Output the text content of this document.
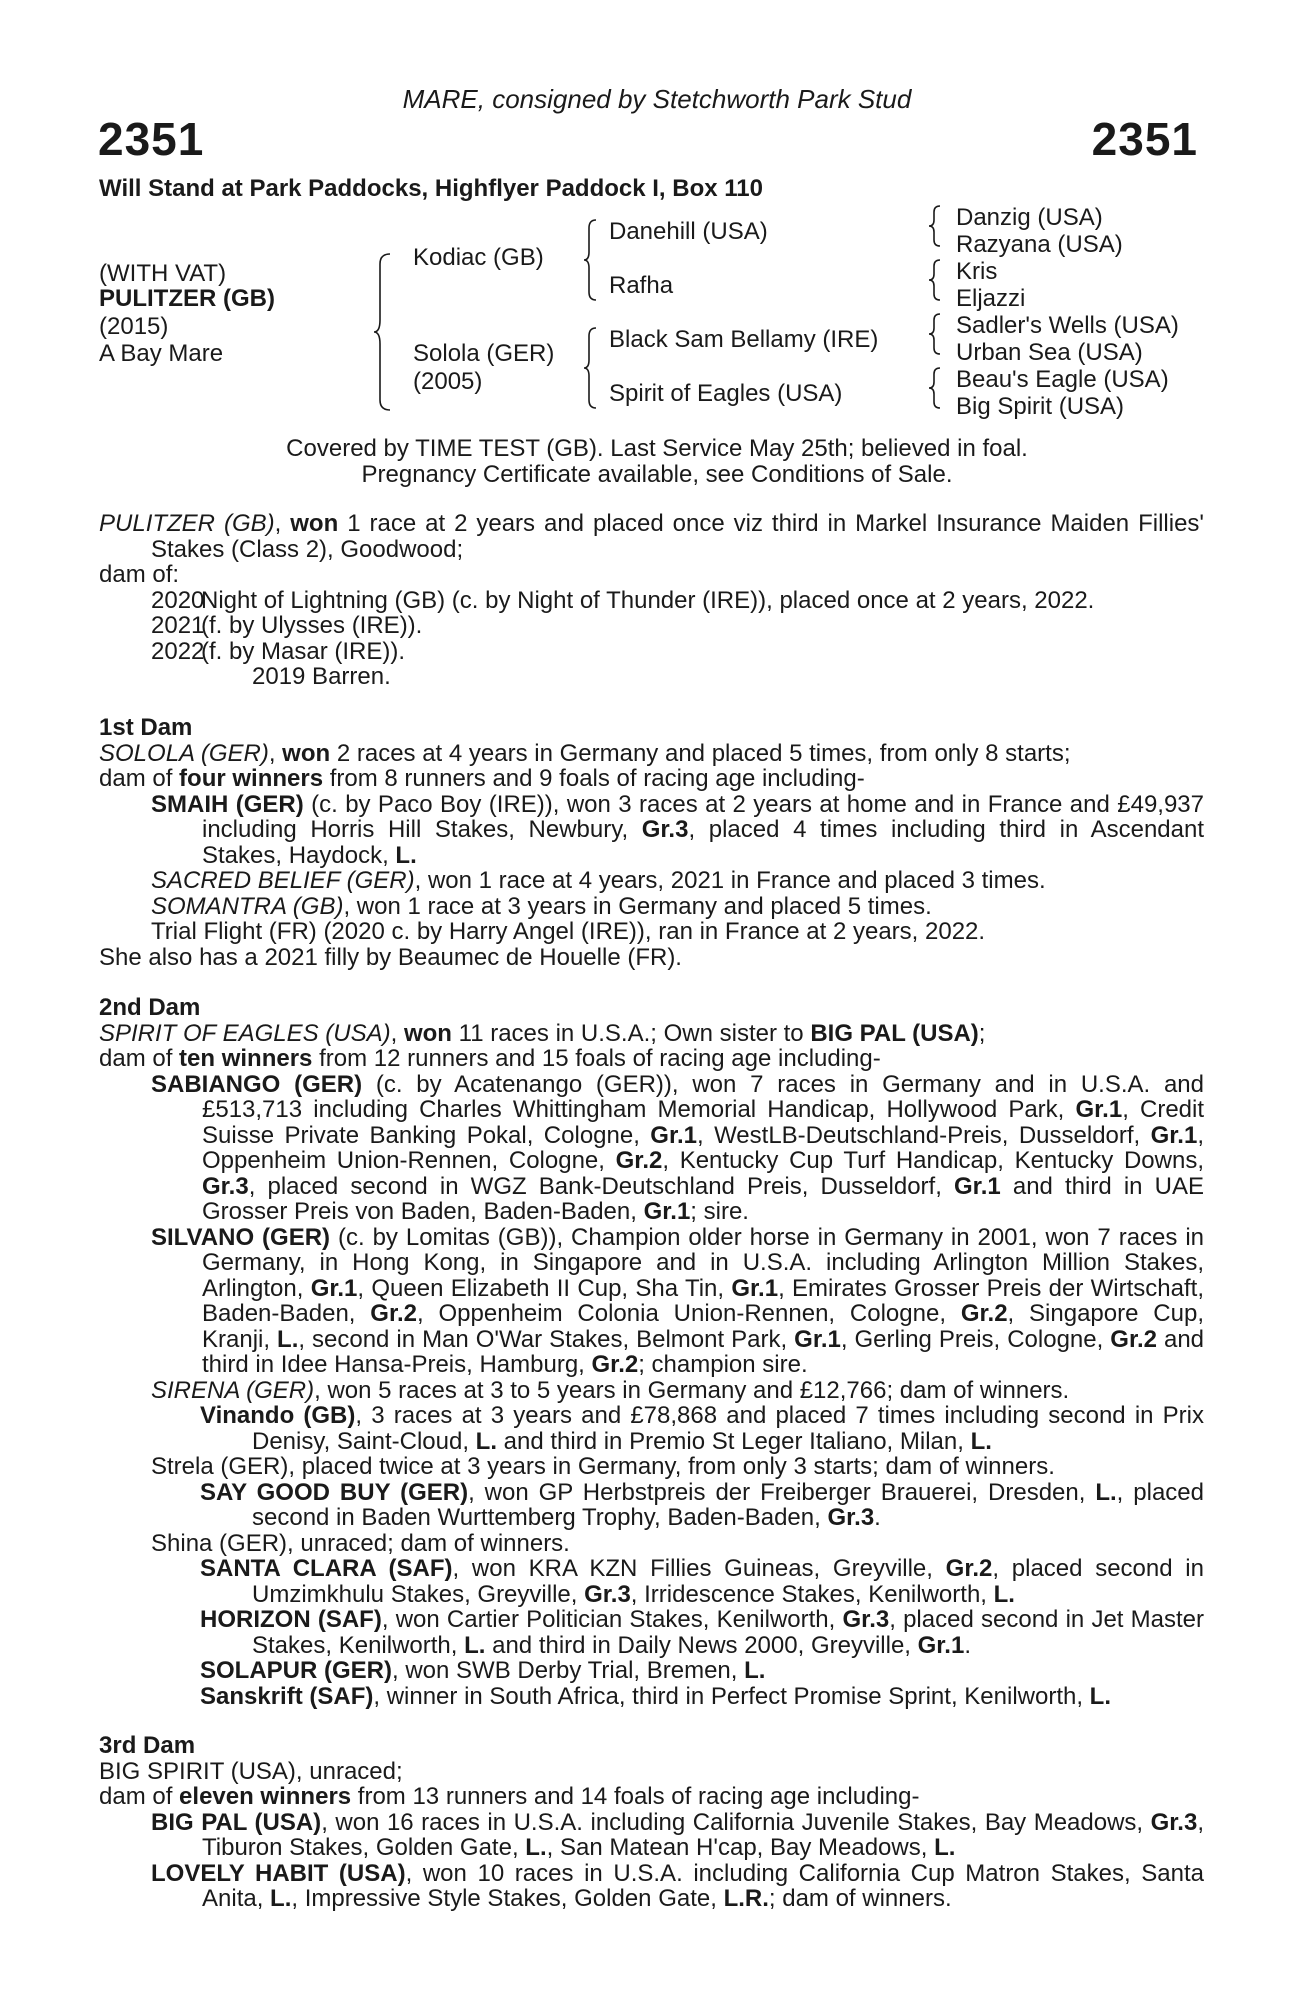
MARE, consigned by Stetchworth Park Stud
2351	2351
Will Stand at Park Paddocks, Highflyer Paddock I, Box 110
(WITH VAT)
PULITZER (GB)
(2015)
A Bay Mare
Kodiac (GB)
Solola (GER)
(2005)
Danehill (USA)
Rafha
Black Sam Bellamy (IRE)
Spirit of Eagles (USA)
Danzig (USA)
Razyana (USA)
Kris
Eljazzi
Sadler's Wells (USA)
Urban Sea (USA)
Beau's Eagle (USA)
Big Spirit (USA)
Covered by TIME TEST (GB). Last Service May 25th; believed in foal.
Pregnancy Certificate available, see Conditions of Sale.

PULITZER (GB), won 1 race at 2 years and placed once viz third in Markel Insurance Maiden Fillies' Stakes (Class 2), Goodwood;

dam of:

2020Night of Lightning (GB) (c. by Night of Thunder (IRE)), placed once at 2 years, 2022.

2021(f. by Ulysses (IRE)).

2022(f. by Masar (IRE)).

2019 Barren.

1st Dam

SOLOLA (GER), won 2 races at 4 years in Germany and placed 5 times, from only 8 starts;

dam of four winners from 8 runners and 9 foals of racing age including-

SMAIH (GER) (c. by Paco Boy (IRE)), won 3 races at 2 years at home and in France and £49,937 including Horris Hill Stakes, Newbury, Gr.3, placed 4 times including third in Ascendant Stakes, Haydock, L.

SACRED BELIEF (GER), won 1 race at 4 years, 2021 in France and placed 3 times.

SOMANTRA (GB), won 1 race at 3 years in Germany and placed 5 times.

Trial Flight (FR) (2020 c. by Harry Angel (IRE)), ran in France at 2 years, 2022.

She also has a 2021 filly by Beaumec de Houelle (FR).

2nd Dam

SPIRIT OF EAGLES (USA), won 11 races in U.S.A.; Own sister to BIG PAL (USA);

dam of ten winners from 12 runners and 15 foals of racing age including-

SABIANGO (GER) (c. by Acatenango (GER)), won 7 races in Germany and in U.S.A. and £513,713 including Charles Whittingham Memorial Handicap, Hollywood Park, Gr.1, Credit Suisse Private Banking Pokal, Cologne, Gr.1, WestLB-Deutschland-Preis, Dusseldorf, Gr.1, Oppenheim Union-Rennen, Cologne, Gr.2, Kentucky Cup Turf Handicap, Kentucky Downs, Gr.3, placed second in WGZ Bank-Deutschland Preis, Dusseldorf, Gr.1 and third in UAE Grosser Preis von Baden, Baden-Baden, Gr.1; sire.

SILVANO (GER) (c. by Lomitas (GB)), Champion older horse in Germany in 2001, won 7 races in Germany, in Hong Kong, in Singapore and in U.S.A. including Arlington Million Stakes, Arlington, Gr.1, Queen Elizabeth II Cup, Sha Tin, Gr.1, Emirates Grosser Preis der Wirtschaft, Baden-Baden, Gr.2, Oppenheim Colonia Union-Rennen, Cologne, Gr.2, Singapore Cup, Kranji, L., second in Man O'War Stakes, Belmont Park, Gr.1, Gerling Preis, Cologne, Gr.2 and third in Idee Hansa-Preis, Hamburg, Gr.2; champion sire.

SIRENA (GER), won 5 races at 3 to 5 years in Germany and £12,766; dam of winners.

Vinando (GB), 3 races at 3 years and £78,868 and placed 7 times including second in Prix Denisy, Saint-Cloud, L. and third in Premio St Leger Italiano, Milan, L.

Strela (GER), placed twice at 3 years in Germany, from only 3 starts; dam of winners.

SAY GOOD BUY (GER), won GP Herbstpreis der Freiberger Brauerei, Dresden, L., placed second in Baden Wurttemberg Trophy, Baden-Baden, Gr.3.

Shina (GER), unraced; dam of winners.

SANTA CLARA (SAF), won KRA KZN Fillies Guineas, Greyville, Gr.2, placed second in Umzimkhulu Stakes, Greyville, Gr.3, Irridescence Stakes, Kenilworth, L.

HORIZON (SAF), won Cartier Politician Stakes, Kenilworth, Gr.3, placed second in Jet Master Stakes, Kenilworth, L. and third in Daily News 2000, Greyville, Gr.1.

SOLAPUR (GER), won SWB Derby Trial, Bremen, L.

Sanskrift (SAF), winner in South Africa, third in Perfect Promise Sprint, Kenilworth, L.

3rd Dam

BIG SPIRIT (USA), unraced;

dam of eleven winners from 13 runners and 14 foals of racing age including-

BIG PAL (USA), won 16 races in U.S.A. including California Juvenile Stakes, Bay Meadows, Gr.3, Tiburon Stakes, Golden Gate, L., San Matean H'cap, Bay Meadows, L.

LOVELY HABIT (USA), won 10 races in U.S.A. including California Cup Matron Stakes, Santa Anita, L., Impressive Style Stakes, Golden Gate, L.R.; dam of winners.
